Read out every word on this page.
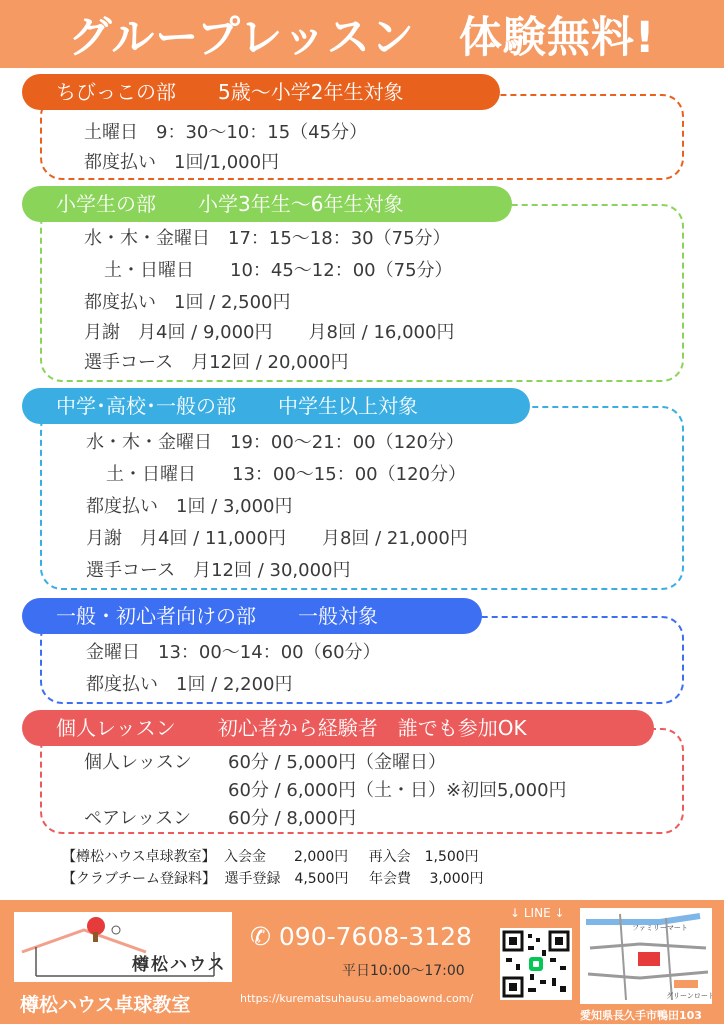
グループレッスン　体験無料!
ちびっこの部 5歳～小学2年生対象
土曜日　9：30～10：15（45分）
都度払い　1回/1,000円
小学生の部 小学3年生～6年生対象
水・木・金曜日　17：15～18：30（75分）
土・日曜日　　10：45～12：00（75分）
都度払い　1回 / 2,500円
月謝　月4回 / 9,000円　　月8回 / 16,000円
選手コース　月12回 / 20,000円
中学･高校･一般の部 中学生以上対象
水・木・金曜日　19：00～21：00（120分）
土・日曜日　　13：00～15：00（120分）
都度払い　1回 / 3,000円
月謝　月4回 / 11,000円　　月8回 / 21,000円
選手コース　月12回 / 30,000円
一般・初心者向けの部 一般対象
金曜日　13：00～14：00（60分）
都度払い　1回 / 2,200円
個人レッスン 初心者から経験者　誰でも参加OK
個人レッスン 60分 / 5,000円（金曜日）
60分 / 6,000円（土・日）※初回5,000円
ペアレッスン 60分 / 8,000円
【樽松ハウス卓球教室】 入会金　　2,000円 再入会　1,500円
【クラブチーム登録料】 選手登録　4,500円 年会費　 3,000円
樽松ハウス
樽松ハウス卓球教室
✆ 090-7608-3128
平日10:00～17:00
https://kurematsuhausu.amebaownd.com/
↓ LINE ↓
ファミリーマート
グリーンロード
愛知県長久手市鴨田103
